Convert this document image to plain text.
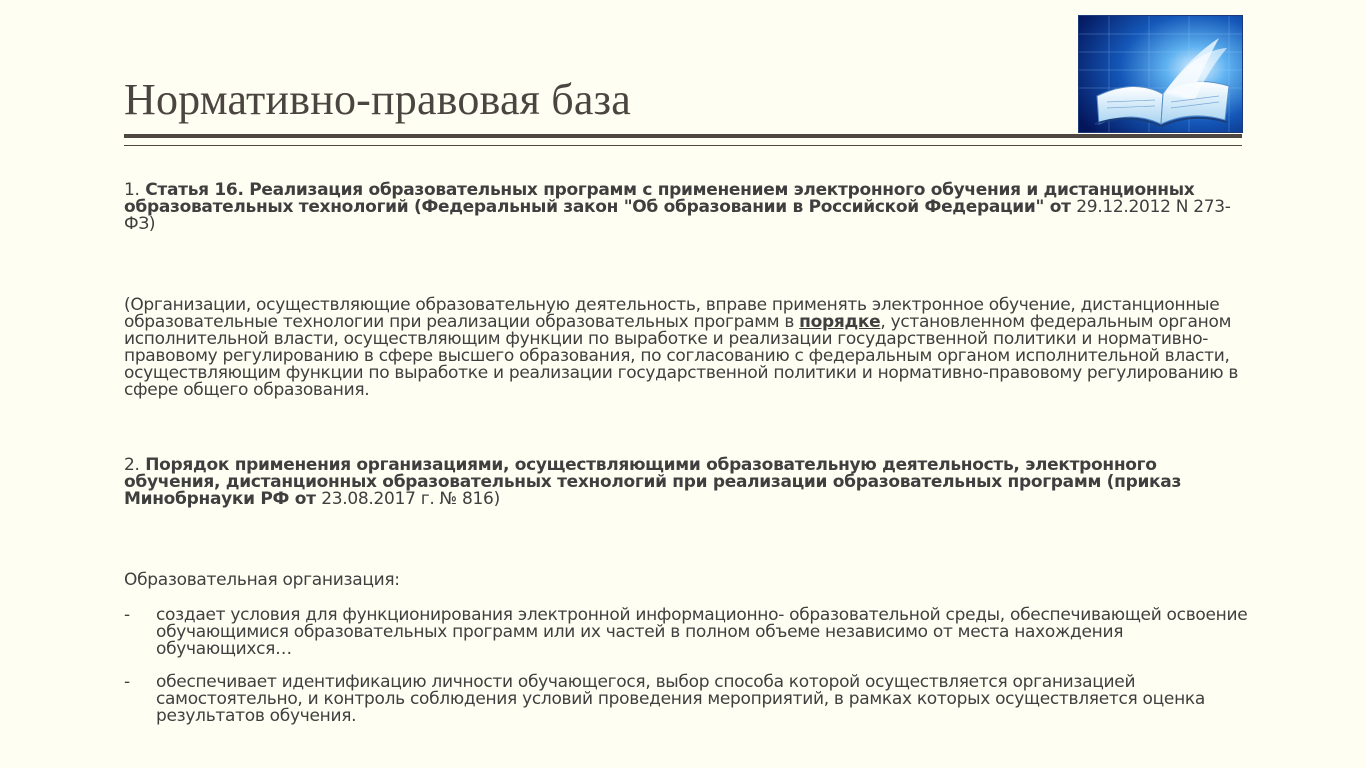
Нормативно-правовая база

1. Статья 16. Реализация образовательных программ с применением электронного обучения и дистанционных образовательных технологий (Федеральный закон "Об образовании в Российской Федерации" от 29.12.2012 N 273-ФЗ)

(Организации, осуществляющие образовательную деятельность, вправе применять электронное обучение, дистанционные образовательные технологии при реализации образовательных программ в порядке, установленном федеральным органом исполнительной власти, осуществляющим функции по выработке и реализации государственной политики и нормативно-правовому регулированию в сфере высшего образования, по согласованию с федеральным органом исполнительной власти, осуществляющим функции по выработке и реализации государственной политики и нормативно-правовому регулированию в сфере общего образования.

2. Порядок применения организациями, осуществляющими образовательную деятельность, электронного обучения, дистанционных образовательных технологий при реализации образовательных программ (приказ Минобрнауки РФ от 23.08.2017 г. № 816)

Образовательная организация:

- создает условия для функционирования электронной информационно- образовательной среды, обеспечивающей освоение обучающимися образовательных программ или их частей в полном объеме независимо от места нахождения обучающихся…
- обеспечивает идентификацию личности обучающегося, выбор способа которой осуществляется организацией самостоятельно, и контроль соблюдения условий проведения мероприятий, в рамках которых осуществляется оценка результатов обучения.
